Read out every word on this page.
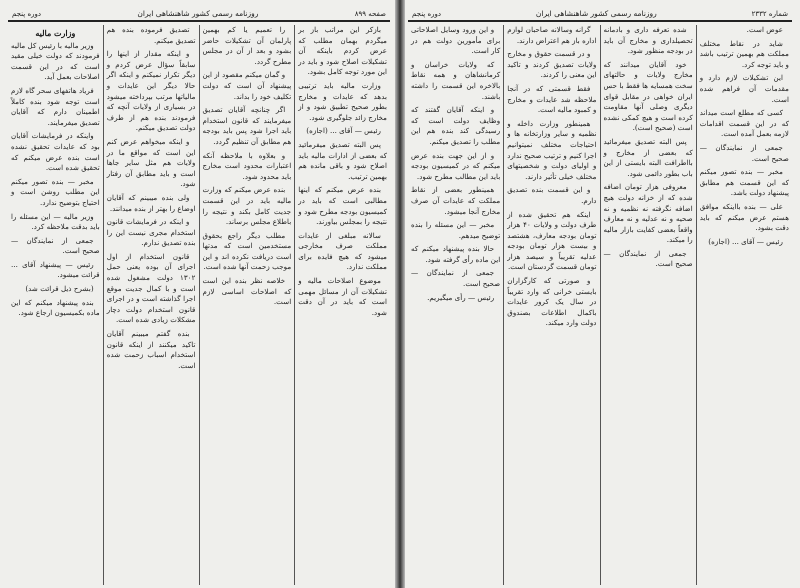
صفحه ۸۹۹
روزنامه رسمی کشور شاهنشاهی ایران
دوره پنجم

بازکر این مراتب باز بر میگردم بهمان مطلب که عرض کردم باینکه آن تشکیلات اصلاح شود و باید در این مورد توجه کامل بشود.

وزارت مالیه باید ترتیبی بدهد که عایدات و مخارج بطور صحیح تطبیق شود و از مخارج زائد جلوگیری شود.

رئیس — آقای ... (اجازه)

پس البته تصدیق میفرمائید که بعضی از ادارات مالیه باید اصلاح شود و باقی مانده هم بهمین ترتیب.

بنده عرض میکنم که اینها مطالبی است که باید در کمیسیون بودجه مطرح شود و نتیجه را بمجلس بیاورند.

سالانه مبلغی از عایدات مملکت صرف مخارجی میشود که هیچ فایده برای مملکت ندارد.

موضوع اصلاحات مالیه و تشکیلات آن از مسائل مهمی است که باید در آن دقت شود.

را تعمیم یا کم بهمین پارلمان آن تشکیلات حاضر بشود و بعد از آن در مجلس مطرح گردد.

و گمان میکنم مقصود از این پیشنهاد آن است که دولت تکلیف خود را بداند.

اگر چنانچه آقایان تصدیق میفرمایند که قانون استخدام باید اجرا شود پس باید بودجه هم مطابق آن تنظیم گردد.

و بعلاوه با ملاحظه آنکه اعتبارات محدود است مخارج باید محدود شود.

بنده عرض میکنم که وزارت مالیه باید در این قسمت جدیت کامل بکند و نتیجه را باطلاع مجلس برساند.

مطلب دیگر راجع بحقوق مستخدمین است که مدتها است دریافت نکرده اند و این موجب زحمت آنها شده است.

خلاصه نظر بنده این است که اصلاحات اساسی لازم است.

تصدیق فرموده بنده هم تصدیق میکنم.

و اینکه مقدار از اینها را سابقاً سؤال عرض کردم و دیگر تکرار نمیکنم و اینکه اگر حالا دیگر این عایدات و مالیاتها مرتب بپرداخته میشود در بسیاری از ولایات آنچه که فرمودند بنده هم از طرف دولت تصدیق میکنم.

و اینکه میخواهم عرض کنم این است که مواقع ما در ولایات هم مثل سایر جاها است و باید مطابق آن رفتار شود.

ولی بنده میبینم که آقایان اوضاع را بهتر از بنده میدانند.

و اینکه در فرمایشات قانون استخدام مجری نیست این را بنده تصدیق ندارم.

قانون استخدام از اول اجرای آن بوده یعنی حمل ۱۳۰۲ دولت مشغول شده است و با کمال جدیت موقع اجرا گذاشته است و در اجرای قانون استخدام دولت دچار مشکلات زیادی شده است.

بنده گفتم میبینم آقایان تاکید میکنند از اینکه قانون استخدام اسباب زحمت شده است.

وزارت مالیه

وزیر مالیه با رئیس کل مالیه فرمودند که دولت خیلی مقید است که در این قسمت اصلاحات بعمل آید.

فریاد هاتفهای سحر گاه لازم است توجه شود بنده کاملاً اطمینان دارم که آقایان تصدیق میفرمایند.

واینکه در فرمایشات آقایان بود که عایدات تحقیق نشده است بنده عرض میکنم که تحقیق شده است.

مخبر — بنده تصور میکنم این مطلب روشن است و احتیاج بتوضیح ندارد.

وزیر مالیه — این مسئله را باید بدقت ملاحظه کرد.

جمعی از نمایندگان — صحیح است.

رئیس — پیشنهاد آقای ... قرائت میشود.

(بشرح ذیل قرائت شد)

بنده پیشنهاد میکنم که این ماده بکمیسیون ارجاع شود.

شماره ۲۳۳۲
روزنامه رسمی کشور شاهنشاهی ایران
دوره پنجم

عوض است.

شاید در نقاط مختلف مملکت هم بهمین ترتیب باشد و باید توجه کرد.

این تشکیلات لازم دارد و مقدمات آن فراهم شده است.

کسی که مطلع است میداند که در این قسمت اقدامات لازمه بعمل آمده است.

جمعی از نمایندگان — صحیح است.

مخبر — بنده تصور میکنم که این قسمت هم مطابق پیشنهاد دولت باشد.

علی — بنده بااینکه موافق هستم عرض میکنم که باید دقت بشود.

رئیس — آقای ... (اجازه)

شده تعرفه داری و بادمانه تحصیلداری و مخارج آن باید در بودجه منظور شود.

خود آقایان میدانند که مخارج ولایات و حالتهای سخت همسایه ها فقط با حس ایران خواهی در مقابل قوای دیگری وصلی آنها مقاومت کرده است و هیچ کمکی نشده است (صحیح است).

پس البته تصدیق میفرمائید که بعضی از مخارج و بااطرافت البته بایستی از این باب بطور دائمی شود.

معروفی هزار تومان اضافه شده که از خزانه دولت هیچ اضافه نگرفته نه نظمیه و نه صحیه و نه عدلیه و نه معارف واقعاً بعضی کفایت بازار مالیه را میکند.

جمعی از نمایندگان — صحیح است.

گرانه وسالانه صاحبان لوازم اداره باز هم اعتراض دارند.

و در قسمت حقوق و مخارج ولایات تصدیق کردند و تاکید این معنی را کردند.

فقط قسمتی که در آنجا ملاحظه شد عایدات و مخارج و کمبود مالیه است.

همینطور وزارت داخله و نظمیه و سایر وزارتخانه ها و احتیاجات مختلف نمیتوانیم اجرا کنیم و ترتیب صحیح ندارد و اولیای دولت و شخصیتهای مختلف خیلی تأثیر دارند.

و این قسمت بنده تصدیق دارم.

اینکه هم تحقیق شده از طرف دولت و ولایات ۴۰ هزار تومان بودجه معارف، هشتصد و بیست هزار تومان بودجه عدلیه تقریباً و سیصد هزار تومان قسمت گردستان است.

و صورتی که کارگزاران بایستی خرانی که وارد تقریباً در سال یک کرور عایدات باکمال اطلاعات بصندوق دولت وارد میکند.

و این ورود وسایل اصلاحاتی برای مأمورین دولت هم در کار است.

که ولایات خراسان و کرمانشاهان و همه نقاط بالاخره این قسمت را داشته باشند.

و اینکه آقایان گفتند که وظایف دولت است که رسیدگی کند بنده هم این مطلب را تصدیق میکنم.

و از این جهت بنده عرض میکنم که در کمیسیون بودجه باید این مطالب مطرح شود.

همینطور بعضی از نقاط مملکت که عایدات آن صرف مخارج آنجا میشود.

مخبر — این مسئله را بنده توضیح میدهم.

حالا بنده پیشنهاد میکنم که این ماده رأی گرفته شود.

جمعی از نمایندگان — صحیح است.

رئیس — رأی میگیریم.
